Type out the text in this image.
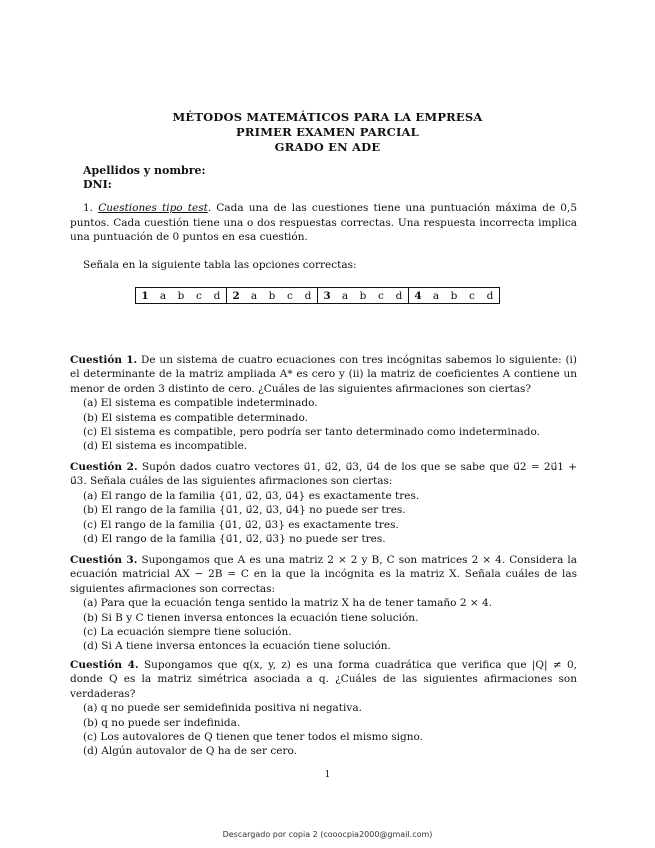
MÉTODOS MATEMÁTICOS PARA LA EMPRESA
PRIMER EXAMEN PARCIAL
GRADO EN ADE
Apellidos y nombre:
DNI:
1. Cuestiones tipo test. Cada una de las cuestiones tiene una puntuación máxima de 0,5 puntos. Cada cuestión tiene una o dos respuestas correctas. Una respuesta incorrecta implica una puntuación de 0 puntos en esa cuestión.
Señala en la siguiente tabla las opciones correctas:
1	a	b	c	d	2	a	b	c	d	3	a	b	c	d	4	a	b	c	d
Cuestión 1. De un sistema de cuatro ecuaciones con tres incógnitas sabemos lo siguiente: (i) el determinante de la matriz ampliada A* es cero y (ii) la matriz de coeficientes A contiene un menor de orden 3 distinto de cero. ¿Cuáles de las siguientes afirmaciones son ciertas?
(a) El sistema es compatible indeterminado.
(b) El sistema es compatible determinado.
(c) El sistema es compatible, pero podría ser tanto determinado como indeterminado.
(d) El sistema es incompatible.
Cuestión 2. Supón dados cuatro vectores u⃗1, u⃗2, u⃗3, u⃗4 de los que se sabe que u⃗2 = 2u⃗1 + u⃗3. Señala cuáles de las siguientes afirmaciones son ciertas:
(a) El rango de la familia {u⃗1, u⃗2, u⃗3, u⃗4} es exactamente tres.
(b) El rango de la familia {u⃗1, u⃗2, u⃗3, u⃗4} no puede ser tres.
(c) El rango de la familia {u⃗1, u⃗2, u⃗3} es exactamente tres.
(d) El rango de la familia {u⃗1, u⃗2, u⃗3} no puede ser tres.
Cuestión 3. Supongamos que A es una matriz 2 × 2 y B, C son matrices 2 × 4. Considera la ecuación matricial AX − 2B = C en la que la incógnita es la matriz X. Señala cuáles de las siguientes afirmaciones son correctas:
(a) Para que la ecuación tenga sentido la matriz X ha de tener tamaño 2 × 4.
(b) Si B y C tienen inversa entonces la ecuación tiene solución.
(c) La ecuación siempre tiene solución.
(d) Si A tiene inversa entonces la ecuación tiene solución.
Cuestión 4. Supongamos que q(x, y, z) es una forma cuadrática que verifica que |Q| ≠ 0, donde Q es la matriz simétrica asociada a q. ¿Cuáles de las siguientes afirmaciones son verdaderas?
(a) q no puede ser semidefinida positiva ni negativa.
(b) q no puede ser indefinida.
(c) Los autovalores de Q tienen que tener todos el mismo signo.
(d) Algún autovalor de Q ha de ser cero.
1
Descargado por copia 2 (cooocpia2000@gmail.com)
